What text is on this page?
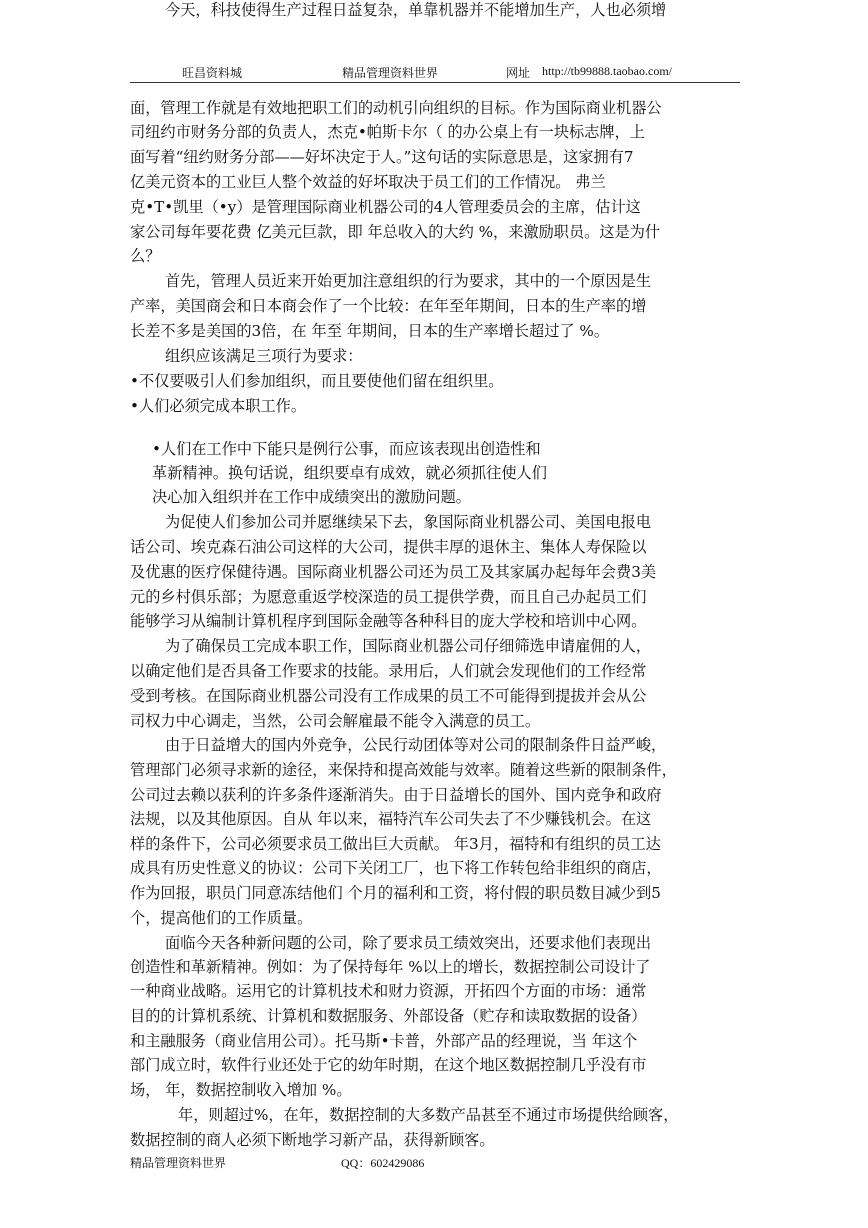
旺昌资料城	精品管理资料世界	网址 http://tb99888.taobao.com/
面，管理工作就是有效地把职工们的动机引向组织的目标。作为国际商业机器公
司纽约市财务分部的负责人，杰克•帕斯卡尔（ 的办公桌上有一块标志牌，上
面写着“纽约财务分部——好坏决定于人。”这句话的实际意思是，这家拥有7
亿美元资本的工业巨人整个效益的好坏取决于员工们的工作情况。 弗兰
克•T•凯里（•y）是管理国际商业机器公司的4人管理委员会的主席，估计这
家公司每年要花费 亿美元巨款，即 年总收入的大约 %，来激励职员。这是为什
么？
首先，管理人员近来开始更加注意组织的行为要求，其中的一个原因是生
产率，美国商会和日本商会作了一个比较：在年至年期间，日本的生产率的增
长差不多是美国的3倍，在 年至 年期间，日本的生产率增长超过了 %。
组织应该满足三项行为要求：
•不仅要吸引人们参加组织，而且要使他们留在组织里。
•人们必须完成本职工作。
•人们在工作中下能只是例行公事，而应该表现出创造性和
革新精神。换句话说，组织要卓有成效，就必须抓往使人们
决心加入组织并在工作中成绩突出的激励问题。
为促使人们参加公司并愿继续呆下去，象国际商业机器公司、美国电报电
话公司、埃克森石油公司这样的大公司，提供丰厚的退休主、集体人寿保险以
及优惠的医疗保健待遇。国际商业机器公司还为员工及其家属办起每年会费3美
元的乡村俱乐部；为愿意重返学校深造的员工提供学费，而且自己办起员工们
能够学习从编制计算机程序到国际金融等各种科目的庞大学校和培训中心网。
为了确保员工完成本职工作，国际商业机器公司仔细筛选申请雇佣的人，
以确定他们是否具备工作要求的技能。录用后，人们就会发现他们的工作经常
受到考核。在国际商业机器公司没有工作成果的员工不可能得到提拔并会从公
司权力中心调走，当然，公司会解雇最不能令入满意的员工。
由于日益增大的国内外竞争，公民行动团体等对公司的限制条件日益严峻，
管理部门必须寻求新的途径，来保持和提高效能与效率。随着这些新的限制条件，
公司过去赖以获利的许多条件逐渐消失。由于日益增长的国外、国内竞争和政府
法规，以及其他原因。自从 年以来，福特汽车公司失去了不少赚钱机会。在这
样的条件下，公司必须要求员工做出巨大贡献。 年3月，福特和有组织的员工达
成具有历史性意义的协议：公司下关闭工厂，也下将工作转包给非组织的商店，
作为回报，职员门同意冻结他们 个月的福利和工资，将付假的职员数目减少到5
个，提高他们的工作质量。
面临今天各种新问题的公司，除了要求员工绩效突出，还要求他们表现出
创造性和革新精神。例如：为了保持每年 %以上的增长，数据控制公司设计了
一种商业战略。运用它的计算机技术和财力资源，开拓四个方面的市场：通常
目的的计算机系统、计算机和数据服务、外部设备（贮存和读取数据的设备）
和主融服务（商业信用公司）。托马斯•卡普，外部产品的经理说，当 年这个
部门成立时，软件行业还处于它的幼年时期，在这个地区数据控制几乎没有市
场， 年，数据控制收入增加 %。
年，则超过%，在年，数据控制的大多数产品甚至不通过市场提供给顾客，
数据控制的商人必须下断地学习新产品，获得新顾客。
今天，科技使得生产过程日益复杂，单靠机器并不能增加生产，人也必须增
精品管理资料世界	QQ：602429086
